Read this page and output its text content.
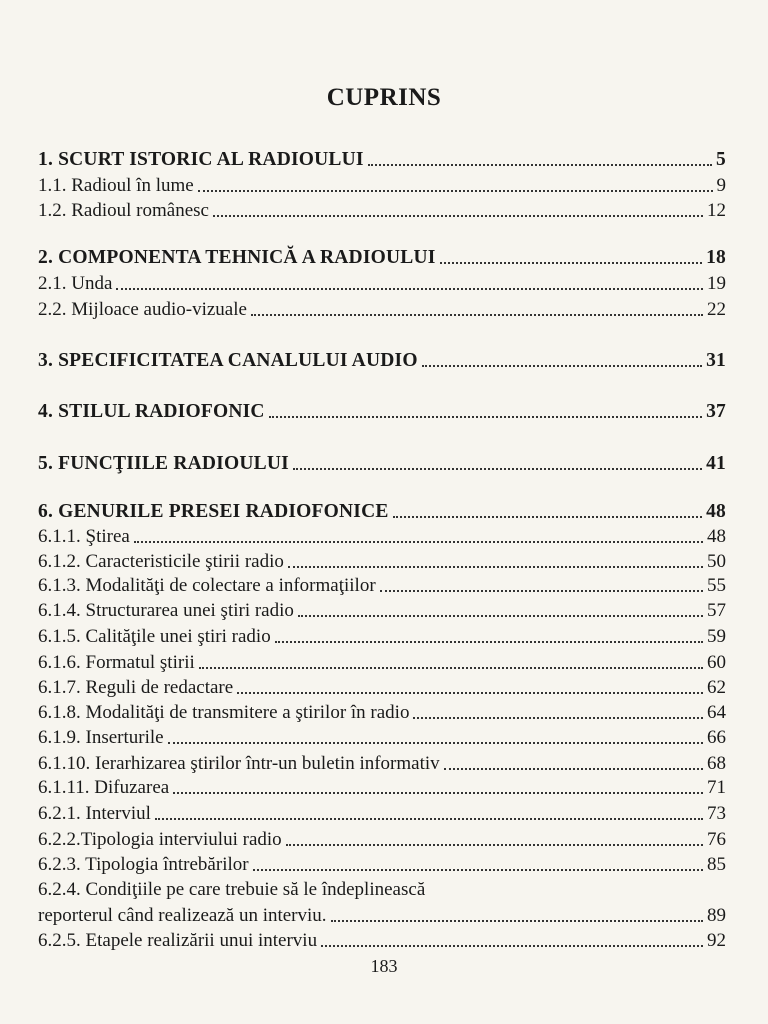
CUPRINS
1. SCURT ISTORIC AL RADIOULUI	5
1.1. Radioul în lume	9
1.2. Radioul românesc	12
2. COMPONENTA TEHNICĂ A RADIOULUI	18
2.1. Unda	19
2.2. Mijloace audio-vizuale	22
3. SPECIFICITATEA CANALULUI AUDIO	31
4. STILUL RADIOFONIC	37
5. FUNCŢIILE RADIOULUI	41
6. GENURILE PRESEI RADIOFONICE	48
6.1.1. Ştirea	48
6.1.2. Caracteristicile ştirii radio	50
6.1.3. Modalităţi de colectare a informaţiilor	55
6.1.4. Structurarea unei ştiri radio	57
6.1.5. Calităţile unei ştiri radio	59
6.1.6. Formatul ştirii	60
6.1.7. Reguli de redactare	62
6.1.8. Modalităţi de transmitere a ştirilor în radio	64
6.1.9. Inserturile	66
6.1.10. Ierarhizarea ştirilor într-un buletin informativ	68
6.1.11. Difuzarea	71
6.2.1. Interviul	73
6.2.2.Tipologia interviului radio	76
6.2.3. Tipologia întrebărilor	85
6.2.4. Condiţiile pe care trebuie să le îndeplinească
reporterul când realizează un interviu.	89
6.2.5. Etapele realizării unui interviu	92
183
